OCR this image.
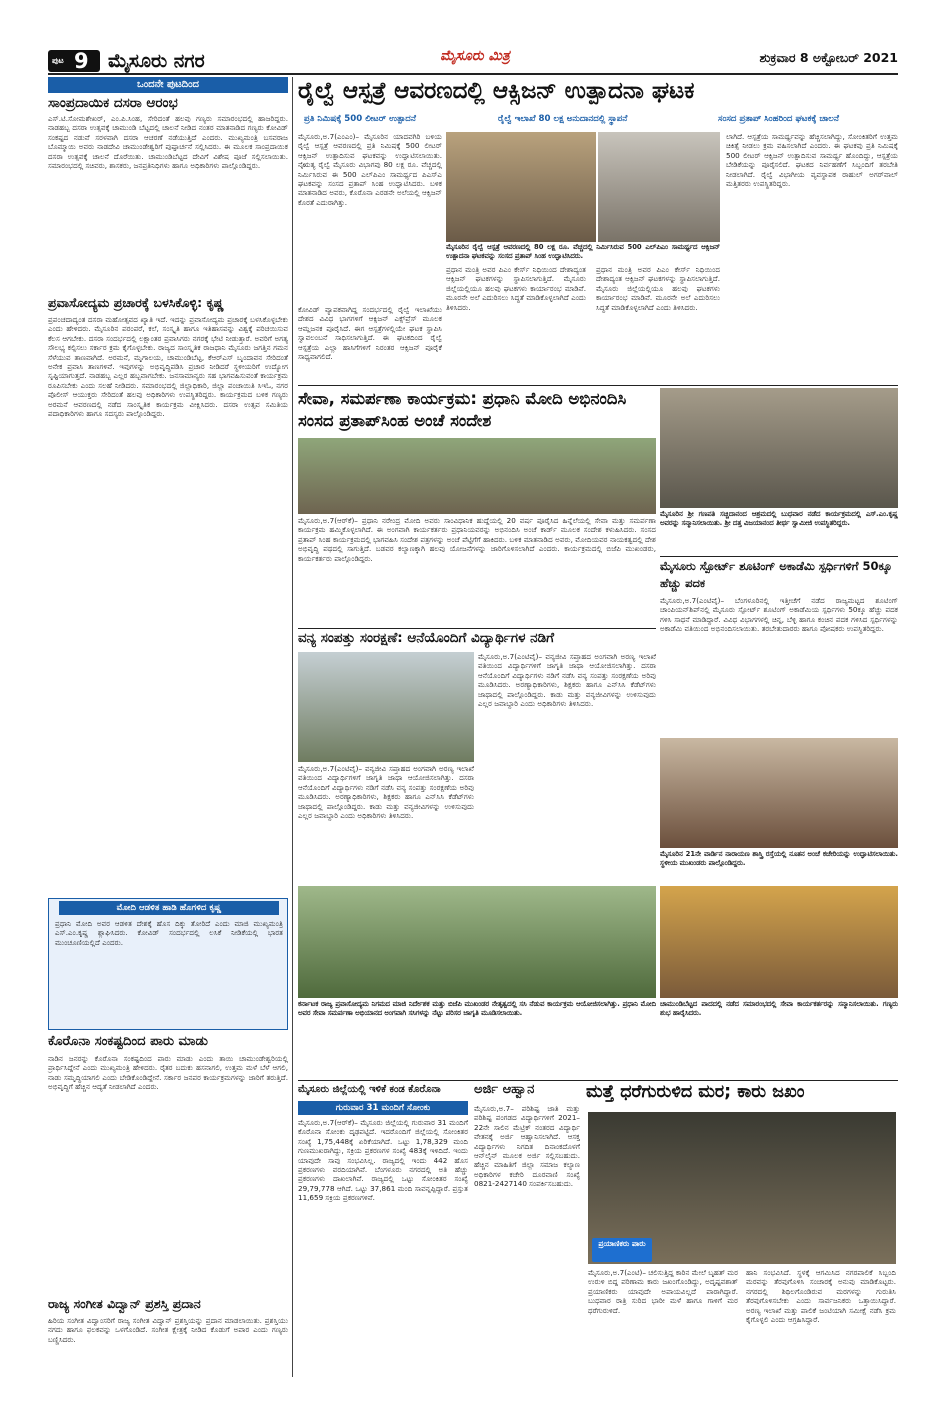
ಪುಟ 9 ಮೈಸೂರು ನಗರ	ಮೈಸೂರು ಮಿತ್ರ	ಶುಕ್ರವಾರ 8 ಅಕ್ಟೋಬರ್ 2021
ಒಂದನೇ ಪುಟದಿಂದ
ಸಾಂಪ್ರದಾಯಿಕ ದಸರಾ ಆರಂಭ
ಎಸ್.ಟಿ.ಸೋಮಶೇಖರ್, ಎಂ.ಪಿ.ಸಿಂಹ, ಸೇರಿದಂತೆ ಹಲವು ಗಣ್ಯರು ಸಮಾರಂಭದಲ್ಲಿ ಹಾಜರಿದ್ದರು. ನಾಡಹಬ್ಬ ದಸರಾ ಉತ್ಸವಕ್ಕೆ ಚಾಮುಂಡಿ ಬೆಟ್ಟದಲ್ಲಿ ಚಾಲನೆ ನೀಡಿದ ನಂತರ ಮಾತನಾಡಿದ ಗಣ್ಯರು ಕೋವಿಡ್ ಸಂಕಷ್ಟದ ನಡುವೆ ಸರಳವಾಗಿ ದಸರಾ ಆಚರಣೆ ನಡೆಯುತ್ತಿದೆ ಎಂದರು. ಮುಖ್ಯಮಂತ್ರಿ ಬಸವರಾಜ ಬೊಮ್ಮಾಯಿ ಅವರು ನಾಡದೇವಿ ಚಾಮುಂಡೇಶ್ವರಿಗೆ ಪುಷ್ಪಾರ್ಚನೆ ಸಲ್ಲಿಸಿದರು. ಈ ಮೂಲಕ ಸಾಂಪ್ರದಾಯಿಕ ದಸರಾ ಉತ್ಸವಕ್ಕೆ ಚಾಲನೆ ದೊರೆಯಿತು. ಚಾಮುಂಡಿಬೆಟ್ಟದ ದೇವಿಗೆ ವಿಶೇಷ ಪೂಜೆ ಸಲ್ಲಿಸಲಾಯಿತು. ಸಮಾರಂಭದಲ್ಲಿ ಸಚಿವರು, ಶಾಸಕರು, ಜನಪ್ರತಿನಿಧಿಗಳು ಹಾಗೂ ಅಧಿಕಾರಿಗಳು ಪಾಲ್ಗೊಂಡಿದ್ದರು.
ಪ್ರವಾಸೋದ್ಯಮ ಪ್ರಚಾರಕ್ಕೆ ಬಳಸಿಕೊಳ್ಳಿ: ಕೃಷ್ಣ
ಪ್ರಪಂಚದಾದ್ಯಂತ ದಸರಾ ಮಹೋತ್ಸವದ ಖ್ಯಾತಿ ಇದೆ. ಇದನ್ನು ಪ್ರವಾಸೋದ್ಯಮ ಪ್ರಚಾರಕ್ಕೆ ಬಳಸಿಕೊಳ್ಳಬೇಕು ಎಂದು ಹೇಳಿದರು. ಮೈಸೂರಿನ ಪರಂಪರೆ, ಕಲೆ, ಸಂಸ್ಕೃತಿ ಹಾಗೂ ಇತಿಹಾಸವನ್ನು ವಿಶ್ವಕ್ಕೆ ಪರಿಚಯಿಸುವ ಕೆಲಸ ಆಗಬೇಕು. ದಸರಾ ಸಂದರ್ಭದಲ್ಲಿ ಲಕ್ಷಾಂತರ ಪ್ರವಾಸಿಗರು ನಗರಕ್ಕೆ ಭೇಟಿ ನೀಡುತ್ತಾರೆ. ಅವರಿಗೆ ಅಗತ್ಯ ಸೌಲಭ್ಯ ಕಲ್ಪಿಸಲು ಸರ್ಕಾರ ಕ್ರಮ ಕೈಗೊಳ್ಳಬೇಕು. ರಾಜ್ಯದ ಸಾಂಸ್ಕೃತಿಕ ರಾಜಧಾನಿ ಮೈಸೂರು ಜಗತ್ತಿನ ಗಮನ ಸೆಳೆಯುವ ತಾಣವಾಗಿದೆ. ಅರಮನೆ, ಮೃಗಾಲಯ, ಚಾಮುಂಡಿಬೆಟ್ಟ, ಕೆಆರ್‌ಎಸ್ ಬೃಂದಾವನ ಸೇರಿದಂತೆ ಅನೇಕ ಪ್ರವಾಸಿ ತಾಣಗಳಿವೆ. ಇವುಗಳನ್ನು ಅಭಿವೃದ್ಧಿಪಡಿಸಿ ಪ್ರಚಾರ ನೀಡಿದರೆ ಸ್ಥಳೀಯರಿಗೆ ಉದ್ಯೋಗ ಸೃಷ್ಟಿಯಾಗುತ್ತದೆ. ನಾಡಹಬ್ಬ ಎಲ್ಲರ ಹಬ್ಬವಾಗಬೇಕು. ಜನಸಾಮಾನ್ಯರು ಸಹ ಭಾಗವಹಿಸುವಂತೆ ಕಾರ್ಯಕ್ರಮ ರೂಪಿಸಬೇಕು ಎಂದು ಸಲಹೆ ನೀಡಿದರು. ಸಮಾರಂಭದಲ್ಲಿ ಜಿಲ್ಲಾಧಿಕಾರಿ, ಜಿಲ್ಲಾ ಪಂಚಾಯಿತಿ ಸಿಇಓ, ನಗರ ಪೊಲೀಸ್ ಆಯುಕ್ತರು ಸೇರಿದಂತೆ ಹಲವು ಅಧಿಕಾರಿಗಳು ಉಪಸ್ಥಿತರಿದ್ದರು. ಕಾರ್ಯಕ್ರಮದ ಬಳಿಕ ಗಣ್ಯರು ಅರಮನೆ ಆವರಣದಲ್ಲಿ ನಡೆದ ಸಾಂಸ್ಕೃತಿಕ ಕಾರ್ಯಕ್ರಮ ವೀಕ್ಷಿಸಿದರು. ದಸರಾ ಉತ್ಸವ ಸಮಿತಿಯ ಪದಾಧಿಕಾರಿಗಳು ಹಾಗೂ ಸದಸ್ಯರು ಪಾಲ್ಗೊಂಡಿದ್ದರು.
ಮೋದಿ ಆಡಳಿತ ಹಾಡಿ ಹೊಗಳಿದ ಕೃಷ್ಣ
ಪ್ರಧಾನಿ ಮೋದಿ ಅವರ ಆಡಳಿತ ದೇಶಕ್ಕೆ ಹೊಸ ದಿಕ್ಕು ತೋರಿದೆ ಎಂದು ಮಾಜಿ ಮುಖ್ಯಮಂತ್ರಿ ಎಸ್.ಎಂ.ಕೃಷ್ಣ ಶ್ಲಾಘಿಸಿದರು. ಕೋವಿಡ್ ಸಂದರ್ಭದಲ್ಲಿ ಲಸಿಕೆ ನೀಡಿಕೆಯಲ್ಲಿ ಭಾರತ ಮುಂಚೂಣಿಯಲ್ಲಿದೆ ಎಂದರು.
ಕೊರೊನಾ ಸಂಕಷ್ಟದಿಂದ ಪಾರು ಮಾಡು
ನಾಡಿನ ಜನರನ್ನು ಕೊರೊನಾ ಸಂಕಷ್ಟದಿಂದ ಪಾರು ಮಾಡು ಎಂದು ತಾಯಿ ಚಾಮುಂಡೇಶ್ವರಿಯಲ್ಲಿ ಪ್ರಾರ್ಥಿಸಿದ್ದೇನೆ ಎಂದು ಮುಖ್ಯಮಂತ್ರಿ ಹೇಳಿದರು. ರೈತರ ಬದುಕು ಹಸನಾಗಲಿ, ಉತ್ತಮ ಮಳೆ ಬೆಳೆ ಆಗಲಿ, ನಾಡು ಸಮೃದ್ಧಿಯಾಗಲಿ ಎಂದು ಬೇಡಿಕೊಂಡಿದ್ದೇನೆ. ಸರ್ಕಾರ ಜನಪರ ಕಾರ್ಯಕ್ರಮಗಳನ್ನು ಜಾರಿಗೆ ತರುತ್ತಿದೆ. ಅಭಿವೃದ್ಧಿಗೆ ಹೆಚ್ಚಿನ ಆದ್ಯತೆ ನೀಡಲಾಗಿದೆ ಎಂದರು.
ರಾಜ್ಯ ಸಂಗೀತ ವಿದ್ವಾನ್ ಪ್ರಶಸ್ತಿ ಪ್ರದಾನ
ಹಿರಿಯ ಸಂಗೀತ ವಿದ್ವಾಂಸರಿಗೆ ರಾಜ್ಯ ಸಂಗೀತ ವಿದ್ವಾನ್ ಪ್ರಶಸ್ತಿಯನ್ನು ಪ್ರದಾನ ಮಾಡಲಾಯಿತು. ಪ್ರಶಸ್ತಿಯು ನಗದು ಹಾಗೂ ಫಲಕವನ್ನು ಒಳಗೊಂಡಿದೆ. ಸಂಗೀತ ಕ್ಷೇತ್ರಕ್ಕೆ ನೀಡಿದ ಕೊಡುಗೆ ಅಪಾರ ಎಂದು ಗಣ್ಯರು ಬಣ್ಣಿಸಿದರು.
ರೈಲ್ವೆ ಆಸ್ಪತ್ರೆ ಆವರಣದಲ್ಲಿ ಆಕ್ಸಿಜನ್ ಉತ್ಪಾದನಾ ಘಟಕ
ಪ್ರತಿ ನಿಮಿಷಕ್ಕೆ 500 ಲೀಟರ್ ಉತ್ಪಾದನೆ	ರೈಲ್ವೆ ಇಲಾಖೆ 80 ಲಕ್ಷ ಅನುದಾನದಲ್ಲಿ ಸ್ಥಾಪನೆ	ಸಂಸದ ಪ್ರತಾಪ್ ಸಿಂಹರಿಂದ ಘಟಕಕ್ಕೆ ಚಾಲನೆ
ಮೈಸೂರು,ಅ.7(ಎಂಎಂ)– ಮೈಸೂರಿನ ಯಾದವಗಿರಿ ಬಳಿಯ ರೈಲ್ವೆ ಆಸ್ಪತ್ರೆ ಆವರಣದಲ್ಲಿ ಪ್ರತಿ ನಿಮಿಷಕ್ಕೆ 500 ಲೀಟರ್ ಆಕ್ಸಿಜನ್ ಉತ್ಪಾದಿಸುವ ಘಟಕವನ್ನು ಉದ್ಘಾಟಿಸಲಾಯಿತು. ನೈಋತ್ಯ ರೈಲ್ವೆ ಮೈಸೂರು ವಿಭಾಗವು 80 ಲಕ್ಷ ರೂ. ವೆಚ್ಚದಲ್ಲಿ ನಿರ್ಮಿಸಿರುವ ಈ 500 ಎಲ್‌ಪಿಎಂ ಸಾಮರ್ಥ್ಯದ ಪಿಎಸ್‌ಎ ಘಟಕವನ್ನು ಸಂಸದ ಪ್ರತಾಪ್ ಸಿಂಹ ಉದ್ಘಾಟಿಸಿದರು. ಬಳಿಕ ಮಾತನಾಡಿದ ಅವರು, ಕೊರೊನಾ ಎರಡನೇ ಅಲೆಯಲ್ಲಿ ಆಕ್ಸಿಜನ್ ಕೊರತೆ ಎದುರಾಗಿತ್ತು.
ಮೈಸೂರಿನ ರೈಲ್ವೆ ಆಸ್ಪತ್ರೆ ಆವರಣದಲ್ಲಿ 80 ಲಕ್ಷ ರೂ. ವೆಚ್ಚದಲ್ಲಿ ನಿರ್ಮಿಸಿರುವ 500 ಎಲ್‌ಪಿಎಂ ಸಾಮರ್ಥ್ಯದ ಆಕ್ಸಿಜನ್ ಉತ್ಪಾದನಾ ಘಟಕವನ್ನು ಸಂಸದ ಪ್ರತಾಪ್ ಸಿಂಹ ಉದ್ಘಾಟಿಸಿದರು.
ಕೋವಿಡ್ ವ್ಯಾಪಕವಾಗಿದ್ದ ಸಂದರ್ಭದಲ್ಲಿ ರೈಲ್ವೆ ಇಲಾಖೆಯು ದೇಶದ ವಿವಿಧ ಭಾಗಗಳಿಗೆ ಆಕ್ಸಿಜನ್ ಎಕ್ಸ್‌ಪ್ರೆಸ್ ಮೂಲಕ ಆಮ್ಲಜನಕ ಪೂರೈಸಿದೆ. ಈಗ ಆಸ್ಪತ್ರೆಗಳಲ್ಲಿಯೇ ಘಟಕ ಸ್ಥಾಪಿಸಿ ಸ್ವಾವಲಂಬನೆ ಸಾಧಿಸಲಾಗುತ್ತಿದೆ. ಈ ಘಟಕದಿಂದ ರೈಲ್ವೆ ಆಸ್ಪತ್ರೆಯ ಎಲ್ಲಾ ಹಾಸಿಗೆಗಳಿಗೆ ನಿರಂತರ ಆಕ್ಸಿಜನ್ ಪೂರೈಕೆ ಸಾಧ್ಯವಾಗಲಿದೆ.
ಪ್ರಧಾನ ಮಂತ್ರಿ ಅವರ ಪಿಎಂ ಕೇರ್ಸ್ ನಿಧಿಯಿಂದ ದೇಶಾದ್ಯಂತ ಆಕ್ಸಿಜನ್ ಘಟಕಗಳನ್ನು ಸ್ಥಾಪಿಸಲಾಗುತ್ತಿದೆ. ಮೈಸೂರು ಜಿಲ್ಲೆಯಲ್ಲಿಯೂ ಹಲವು ಘಟಕಗಳು ಕಾರ್ಯಾರಂಭ ಮಾಡಿವೆ. ಮೂರನೇ ಅಲೆ ಎದುರಿಸಲು ಸಿದ್ಧತೆ ಮಾಡಿಕೊಳ್ಳಲಾಗಿದೆ ಎಂದು ತಿಳಿಸಿದರು.
ಪ್ರಧಾನ ಮಂತ್ರಿ ಅವರ ಪಿಎಂ ಕೇರ್ಸ್ ನಿಧಿಯಿಂದ ದೇಶಾದ್ಯಂತ ಆಕ್ಸಿಜನ್ ಘಟಕಗಳನ್ನು ಸ್ಥಾಪಿಸಲಾಗುತ್ತಿದೆ. ಮೈಸೂರು ಜಿಲ್ಲೆಯಲ್ಲಿಯೂ ಹಲವು ಘಟಕಗಳು ಕಾರ್ಯಾರಂಭ ಮಾಡಿವೆ. ಮೂರನೇ ಅಲೆ ಎದುರಿಸಲು ಸಿದ್ಧತೆ ಮಾಡಿಕೊಳ್ಳಲಾಗಿದೆ ಎಂದು ತಿಳಿಸಿದರು.
ಲಾಗಿದೆ. ಆಸ್ಪತ್ರೆಯ ಸಾಮರ್ಥ್ಯವನ್ನು ಹೆಚ್ಚಿಸಲಾಗಿದ್ದು, ಸೋಂಕಿತರಿಗೆ ಉತ್ತಮ ಚಿಕಿತ್ಸೆ ನೀಡಲು ಕ್ರಮ ವಹಿಸಲಾಗಿದೆ ಎಂದರು. ಈ ಘಟಕವು ಪ್ರತಿ ನಿಮಿಷಕ್ಕೆ 500 ಲೀಟರ್ ಆಕ್ಸಿಜನ್ ಉತ್ಪಾದಿಸುವ ಸಾಮರ್ಥ್ಯ ಹೊಂದಿದ್ದು, ಆಸ್ಪತ್ರೆಯ ಬೇಡಿಕೆಯನ್ನು ಪೂರೈಸಲಿದೆ. ಘಟಕದ ನಿರ್ವಹಣೆಗೆ ಸಿಬ್ಬಂದಿಗೆ ತರಬೇತಿ ನೀಡಲಾಗಿದೆ. ರೈಲ್ವೆ ವಿಭಾಗೀಯ ವ್ಯವಸ್ಥಾಪಕ ರಾಹುಲ್ ಅಗರ್‌ವಾಲ್ ಮತ್ತಿತರರು ಉಪಸ್ಥಿತರಿದ್ದರು.
ಸೇವಾ, ಸಮರ್ಪಣಾ ಕಾರ್ಯಕ್ರಮ: ಪ್ರಧಾನಿ ಮೋದಿ ಅಭಿನಂದಿಸಿ ಸಂಸದ ಪ್ರತಾಪ್‌ಸಿಂಹ ಅಂಚೆ ಸಂದೇಶ
ಮೈಸೂರು,ಅ.7(ಆರ್‌ಕೆ)– ಪ್ರಧಾನಿ ನರೇಂದ್ರ ಮೋದಿ ಅವರು ಸಾಂವಿಧಾನಿಕ ಹುದ್ದೆಯಲ್ಲಿ 20 ವರ್ಷ ಪೂರೈಸಿದ ಹಿನ್ನೆಲೆಯಲ್ಲಿ ಸೇವಾ ಮತ್ತು ಸಮರ್ಪಣಾ ಕಾರ್ಯಕ್ರಮ ಹಮ್ಮಿಕೊಳ್ಳಲಾಗಿದೆ. ಈ ಅಂಗವಾಗಿ ಕಾರ್ಯಕರ್ತರು ಪ್ರಧಾನಿಯವರನ್ನು ಅಭಿನಂದಿಸಿ ಅಂಚೆ ಕಾರ್ಡ್ ಮೂಲಕ ಸಂದೇಶ ಕಳುಹಿಸಿದರು. ಸಂಸದ ಪ್ರತಾಪ್ ಸಿಂಹ ಕಾರ್ಯಕ್ರಮದಲ್ಲಿ ಭಾಗವಹಿಸಿ ಸಂದೇಶ ಪತ್ರಗಳನ್ನು ಅಂಚೆ ಪೆಟ್ಟಿಗೆಗೆ ಹಾಕಿದರು. ಬಳಿಕ ಮಾತನಾಡಿದ ಅವರು, ಮೋದಿಯವರ ನಾಯಕತ್ವದಲ್ಲಿ ದೇಶ ಅಭಿವೃದ್ಧಿ ಪಥದಲ್ಲಿ ಸಾಗುತ್ತಿದೆ. ಬಡವರ ಕಲ್ಯಾಣಕ್ಕಾಗಿ ಹಲವು ಯೋಜನೆಗಳನ್ನು ಜಾರಿಗೊಳಿಸಲಾಗಿದೆ ಎಂದರು. ಕಾರ್ಯಕ್ರಮದಲ್ಲಿ ಬಿಜೆಪಿ ಮುಖಂಡರು, ಕಾರ್ಯಕರ್ತರು ಪಾಲ್ಗೊಂಡಿದ್ದರು.
ಮೈಸೂರಿನ ಶ್ರೀ ಗಣಪತಿ ಸಚ್ಚಿದಾನಂದ ಆಶ್ರಮದಲ್ಲಿ ಬುಧವಾರ ನಡೆದ ಕಾರ್ಯಕ್ರಮದಲ್ಲಿ ಎಸ್.ಎಂ.ಕೃಷ್ಣ ಅವರನ್ನು ಸನ್ಮಾನಿಸಲಾಯಿತು. ಶ್ರೀ ದತ್ತ ವಿಜಯಾನಂದ ತೀರ್ಥ ಸ್ವಾಮೀಜಿ ಉಪಸ್ಥಿತರಿದ್ದರು.
ವನ್ಯ ಸಂಪತ್ತು ಸಂರಕ್ಷಣೆ: ಆನೆಯೊಂದಿಗೆ ವಿದ್ಯಾರ್ಥಿಗಳ ನಡಿಗೆ
ಮೈಸೂರು,ಅ.7(ಎಂಟಿವೈ)– ವನ್ಯಜೀವಿ ಸಪ್ತಾಹದ ಅಂಗವಾಗಿ ಅರಣ್ಯ ಇಲಾಖೆ ವತಿಯಿಂದ ವಿದ್ಯಾರ್ಥಿಗಳಿಗೆ ಜಾಗೃತಿ ಜಾಥಾ ಆಯೋಜಿಸಲಾಗಿತ್ತು. ದಸರಾ ಆನೆಯೊಂದಿಗೆ ವಿದ್ಯಾರ್ಥಿಗಳು ನಡಿಗೆ ನಡೆಸಿ ವನ್ಯ ಸಂಪತ್ತು ಸಂರಕ್ಷಣೆಯ ಅರಿವು ಮೂಡಿಸಿದರು. ಅರಣ್ಯಾಧಿಕಾರಿಗಳು, ಶಿಕ್ಷಕರು ಹಾಗೂ ಎನ್‌ಸಿಸಿ ಕೆಡೆಟ್‌ಗಳು ಜಾಥಾದಲ್ಲಿ ಪಾಲ್ಗೊಂಡಿದ್ದರು. ಕಾಡು ಮತ್ತು ವನ್ಯಜೀವಿಗಳನ್ನು ಉಳಿಸುವುದು ಎಲ್ಲರ ಜವಾಬ್ದಾರಿ ಎಂದು ಅಧಿಕಾರಿಗಳು ತಿಳಿಸಿದರು.
ಮೈಸೂರು,ಅ.7(ಎಂಟಿವೈ)– ವನ್ಯಜೀವಿ ಸಪ್ತಾಹದ ಅಂಗವಾಗಿ ಅರಣ್ಯ ಇಲಾಖೆ ವತಿಯಿಂದ ವಿದ್ಯಾರ್ಥಿಗಳಿಗೆ ಜಾಗೃತಿ ಜಾಥಾ ಆಯೋಜಿಸಲಾಗಿತ್ತು. ದಸರಾ ಆನೆಯೊಂದಿಗೆ ವಿದ್ಯಾರ್ಥಿಗಳು ನಡಿಗೆ ನಡೆಸಿ ವನ್ಯ ಸಂಪತ್ತು ಸಂರಕ್ಷಣೆಯ ಅರಿವು ಮೂಡಿಸಿದರು. ಅರಣ್ಯಾಧಿಕಾರಿಗಳು, ಶಿಕ್ಷಕರು ಹಾಗೂ ಎನ್‌ಸಿಸಿ ಕೆಡೆಟ್‌ಗಳು ಜಾಥಾದಲ್ಲಿ ಪಾಲ್ಗೊಂಡಿದ್ದರು. ಕಾಡು ಮತ್ತು ವನ್ಯಜೀವಿಗಳನ್ನು ಉಳಿಸುವುದು ಎಲ್ಲರ ಜವಾಬ್ದಾರಿ ಎಂದು ಅಧಿಕಾರಿಗಳು ತಿಳಿಸಿದರು.
ಮೈಸೂರು ಸ್ಪೋರ್ಟ್ ಶೂಟಿಂಗ್ ಅಕಾಡೆಮಿ ಸ್ಪರ್ಧಿಗಳಿಗೆ 50ಕ್ಕೂ ಹೆಚ್ಚು ಪದಕ
ಮೈಸೂರು,ಅ.7(ಎಂಟಿವೈ)– ಬೆಂಗಳೂರಿನಲ್ಲಿ ಇತ್ತೀಚೆಗೆ ನಡೆದ ರಾಜ್ಯಮಟ್ಟದ ಶೂಟಿಂಗ್ ಚಾಂಪಿಯನ್‌ಶಿಪ್‌ನಲ್ಲಿ ಮೈಸೂರು ಸ್ಪೋರ್ಟ್ ಶೂಟಿಂಗ್ ಅಕಾಡೆಮಿಯ ಸ್ಪರ್ಧಿಗಳು 50ಕ್ಕೂ ಹೆಚ್ಚು ಪದಕ ಗಳಿಸಿ ಸಾಧನೆ ಮಾಡಿದ್ದಾರೆ. ವಿವಿಧ ವಿಭಾಗಗಳಲ್ಲಿ ಚಿನ್ನ, ಬೆಳ್ಳಿ ಹಾಗೂ ಕಂಚಿನ ಪದಕ ಗಳಿಸಿದ ಸ್ಪರ್ಧಿಗಳನ್ನು ಅಕಾಡೆಮಿ ವತಿಯಿಂದ ಅಭಿನಂದಿಸಲಾಯಿತು. ತರಬೇತುದಾರರು ಹಾಗೂ ಪೋಷಕರು ಉಪಸ್ಥಿತರಿದ್ದರು.
ಮೈಸೂರಿನ 21ನೇ ವಾರ್ಡಿನ ನಾರಾಯಣ ಶಾಸ್ತ್ರಿ ರಸ್ತೆಯಲ್ಲಿ ನೂತನ ಅಂಚೆ ಕಚೇರಿಯನ್ನು ಉದ್ಘಾಟಿಸಲಾಯಿತು. ಸ್ಥಳೀಯ ಮುಖಂಡರು ಪಾಲ್ಗೊಂಡಿದ್ದರು.
ಚಾಮುಂಡಿಬೆಟ್ಟದ ಪಾದದಲ್ಲಿ ನಡೆದ ಸಮಾರಂಭದಲ್ಲಿ ಸೇವಾ ಕಾರ್ಯಕರ್ತರನ್ನು ಸನ್ಮಾನಿಸಲಾಯಿತು. ಗಣ್ಯರು ಶುಭ ಹಾರೈಸಿದರು.
ಕರ್ನಾಟಕ ರಾಜ್ಯ ಪ್ರವಾಸೋದ್ಯಮ ನಿಗಮದ ಮಾಜಿ ನಿರ್ದೇಶಕ ಮತ್ತು ಬಿಜೆಪಿ ಮುಖಂಡರ ನೇತೃತ್ವದಲ್ಲಿ ಸಸಿ ನೆಡುವ ಕಾರ್ಯಕ್ರಮ ಆಯೋಜಿಸಲಾಗಿತ್ತು. ಪ್ರಧಾನಿ ಮೋದಿ ಅವರ ಸೇವಾ ಸಮರ್ಪಣಾ ಅಭಿಯಾನದ ಅಂಗವಾಗಿ ಸಸಿಗಳನ್ನು ನೆಟ್ಟು ಪರಿಸರ ಜಾಗೃತಿ ಮೂಡಿಸಲಾಯಿತು.
ಮೈಸೂರು ಜಿಲ್ಲೆಯಲ್ಲಿ ಇಳಿಕೆ ಕಂಡ ಕೊರೊನಾ
ಗುರುವಾರ 31 ಮಂದಿಗೆ ಸೋಂಕು
ಮೈಸೂರು,ಅ.7(ಆರ್‌ಕೆ)– ಮೈಸೂರು ಜಿಲ್ಲೆಯಲ್ಲಿ ಗುರುವಾರ 31 ಮಂದಿಗೆ ಕೊರೊನಾ ಸೋಂಕು ದೃಢಪಟ್ಟಿದೆ. ಇದರೊಂದಿಗೆ ಜಿಲ್ಲೆಯಲ್ಲಿ ಸೋಂಕಿತರ ಸಂಖ್ಯೆ 1,75,448ಕ್ಕೆ ಏರಿಕೆಯಾಗಿದೆ. ಒಟ್ಟು 1,78,329 ಮಂದಿ ಗುಣಮುಖರಾಗಿದ್ದು, ಸಕ್ರಿಯ ಪ್ರಕರಣಗಳ ಸಂಖ್ಯೆ 483ಕ್ಕೆ ಇಳಿದಿದೆ. ಇಂದು ಯಾವುದೇ ಸಾವು ಸಂಭವಿಸಿಲ್ಲ. ರಾಜ್ಯದಲ್ಲಿ ಇಂದು 442 ಹೊಸ ಪ್ರಕರಣಗಳು ವರದಿಯಾಗಿವೆ. ಬೆಂಗಳೂರು ನಗರದಲ್ಲಿ ಅತಿ ಹೆಚ್ಚು ಪ್ರಕರಣಗಳು ದಾಖಲಾಗಿವೆ. ರಾಜ್ಯದಲ್ಲಿ ಒಟ್ಟು ಸೋಂಕಿತರ ಸಂಖ್ಯೆ 29,79,778 ಆಗಿದೆ. ಒಟ್ಟು 37,861 ಮಂದಿ ಸಾವನ್ನಪ್ಪಿದ್ದಾರೆ. ಪ್ರಸ್ತುತ 11,659 ಸಕ್ರಿಯ ಪ್ರಕರಣಗಳಿವೆ.
ಅರ್ಜಿ ಆಹ್ವಾನ
ಮೈಸೂರು,ಅ.7– ಪರಿಶಿಷ್ಟ ಜಾತಿ ಮತ್ತು ಪರಿಶಿಷ್ಟ ಪಂಗಡದ ವಿದ್ಯಾರ್ಥಿಗಳಿಗೆ 2021–22ನೇ ಸಾಲಿನ ಮೆಟ್ರಿಕ್ ನಂತರದ ವಿದ್ಯಾರ್ಥಿ ವೇತನಕ್ಕೆ ಅರ್ಜಿ ಆಹ್ವಾನಿಸಲಾಗಿದೆ. ಆಸಕ್ತ ವಿದ್ಯಾರ್ಥಿಗಳು ನಿಗದಿತ ದಿನಾಂಕದೊಳಗೆ ಆನ್‌ಲೈನ್ ಮೂಲಕ ಅರ್ಜಿ ಸಲ್ಲಿಸಬಹುದು. ಹೆಚ್ಚಿನ ಮಾಹಿತಿಗೆ ಜಿಲ್ಲಾ ಸಮಾಜ ಕಲ್ಯಾಣ ಅಧಿಕಾರಿಗಳ ಕಚೇರಿ ದೂರವಾಣಿ ಸಂಖ್ಯೆ 0821-2427140 ಸಂಪರ್ಕಿಸಬಹುದು.
ಮತ್ತೆ ಧರೆಗುರುಳಿದ ಮರ; ಕಾರು ಜಖಂ
ಪ್ರಯಾಣಿಕರು ಪಾರು
ಮೈಸೂರು,ಅ.7(ಎಂಟಿ)– ಚಲಿಸುತ್ತಿದ್ದ ಕಾರಿನ ಮೇಲೆ ಬೃಹತ್ ಮರ ಉರುಳಿ ಬಿದ್ದ ಪರಿಣಾಮ ಕಾರು ಜಖಂಗೊಂಡಿದ್ದು, ಅದೃಷ್ಟವಶಾತ್ ಪ್ರಯಾಣಿಕರು ಯಾವುದೇ ಅಪಾಯವಿಲ್ಲದೆ ಪಾರಾಗಿದ್ದಾರೆ. ಬುಧವಾರ ರಾತ್ರಿ ಸುರಿದ ಭಾರೀ ಮಳೆ ಹಾಗೂ ಗಾಳಿಗೆ ಮರ ಧರೆಗುರುಳಿದೆ.
ಹಾನಿ ಸಂಭವಿಸಿದೆ. ಸ್ಥಳಕ್ಕೆ ಆಗಮಿಸಿದ ನಗರಪಾಲಿಕೆ ಸಿಬ್ಬಂದಿ ಮರವನ್ನು ತೆರವುಗೊಳಿಸಿ ಸಂಚಾರಕ್ಕೆ ಅನುವು ಮಾಡಿಕೊಟ್ಟರು. ನಗರದಲ್ಲಿ ಶಿಥಿಲಗೊಂಡಿರುವ ಮರಗಳನ್ನು ಗುರುತಿಸಿ ತೆರವುಗೊಳಿಸಬೇಕು ಎಂದು ಸಾರ್ವಜನಿಕರು ಒತ್ತಾಯಿಸಿದ್ದಾರೆ. ಅರಣ್ಯ ಇಲಾಖೆ ಮತ್ತು ಪಾಲಿಕೆ ಜಂಟಿಯಾಗಿ ಸಮೀಕ್ಷೆ ನಡೆಸಿ ಕ್ರಮ ಕೈಗೊಳ್ಳಲಿ ಎಂದು ಆಗ್ರಹಿಸಿದ್ದಾರೆ.
